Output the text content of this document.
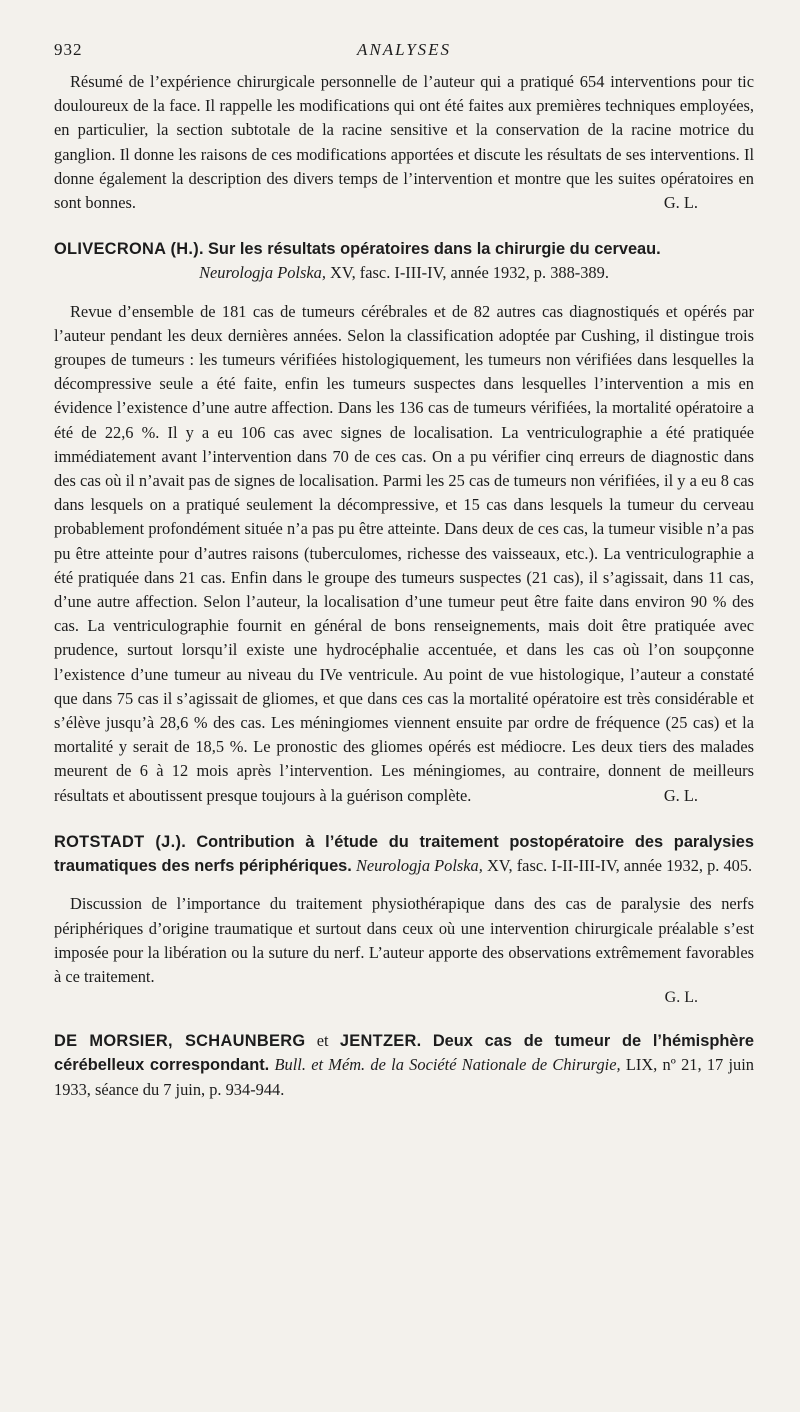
932	ANALYSES

Résumé de l’expérience chirurgicale personnelle de l’auteur qui a pratiqué 654 interventions pour tic douloureux de la face. Il rappelle les modifications qui ont été faites aux premières techniques employées, en particulier, la section subtotale de la racine sensitive et la conservation de la racine motrice du ganglion. Il donne les raisons de ces modifications apportées et discute les résultats de ses interventions. Il donne également la description des divers temps de l’intervention et montre que les suites opératoires en sont bonnes.	G. L.

OLIVECRONA (H.). Sur les résultats opératoires dans la chirurgie du cerveau.
Neurologja Polska, XV, fasc. I-III-IV, année 1932, p. 388-389.

Revue d’ensemble de 181 cas de tumeurs cérébrales et de 82 autres cas diagnostiqués et opérés par l’auteur pendant les deux dernières années. Selon la classification adoptée par Cushing, il distingue trois groupes de tumeurs : les tumeurs vérifiées histologiquement, les tumeurs non vérifiées dans lesquelles la décompressive seule a été faite, enfin les tumeurs suspectes dans lesquelles l’intervention a mis en évidence l’existence d’une autre affection. Dans les 136 cas de tumeurs vérifiées, la mortalité opératoire a été de 22,6 %. Il y a eu 106 cas avec signes de localisation. La ventriculographie a été pratiquée immédiatement avant l’intervention dans 70 de ces cas. On a pu vérifier cinq erreurs de diagnostic dans des cas où il n’avait pas de signes de localisation. Parmi les 25 cas de tumeurs non vérifiées, il y a eu 8 cas dans lesquels on a pratiqué seulement la décompressive, et 15 cas dans lesquels la tumeur du cerveau probablement profondément située n’a pas pu être atteinte. Dans deux de ces cas, la tumeur visible n’a pas pu être atteinte pour d’autres raisons (tuberculomes, richesse des vaisseaux, etc.). La ventriculographie a été pratiquée dans 21 cas. Enfin dans le groupe des tumeurs suspectes (21 cas), il s’agissait, dans 11 cas, d’une autre affection. Selon l’auteur, la localisation d’une tumeur peut être faite dans environ 90 % des cas. La ventriculographie fournit en général de bons renseignements, mais doit être pratiquée avec prudence, surtout lorsqu’il existe une hydrocéphalie accentuée, et dans les cas où l’on soupçonne l’existence d’une tumeur au niveau du IVe ventricule. Au point de vue histologique, l’auteur a constaté que dans 75 cas il s’agissait de gliomes, et que dans ces cas la mortalité opératoire est très considérable et s’élève jusqu’à 28,6 % des cas. Les méningiomes viennent ensuite par ordre de fréquence (25 cas) et la mortalité y serait de 18,5 %. Le pronostic des gliomes opérés est médiocre. Les deux tiers des malades meurent de 6 à 12 mois après l’intervention. Les méningiomes, au contraire, donnent de meilleurs résultats et aboutissent presque toujours à la guérison complète.	G. L.

ROTSTADT (J.). Contribution à l’étude du traitement postopératoire des paralysies traumatiques des nerfs périphériques. Neurologja Polska, XV, fasc. I-II-III-IV, année 1932, p. 405.

Discussion de l’importance du traitement physiothérapique dans des cas de paralysie des nerfs périphériques d’origine traumatique et surtout dans ceux où une intervention chirurgicale préalable s’est imposée pour la libération ou la suture du nerf. L’auteur apporte des observations extrêmement favorables à ce traitement.

G. L.
DE MORSIER, SCHAUNBERG et JENTZER. Deux cas de tumeur de l’hémisphère cérébelleux correspondant. Bull. et Mém. de la Société Nationale de Chirurgie, LIX, nº 21, 17 juin 1933, séance du 7 juin, p. 934-944.
